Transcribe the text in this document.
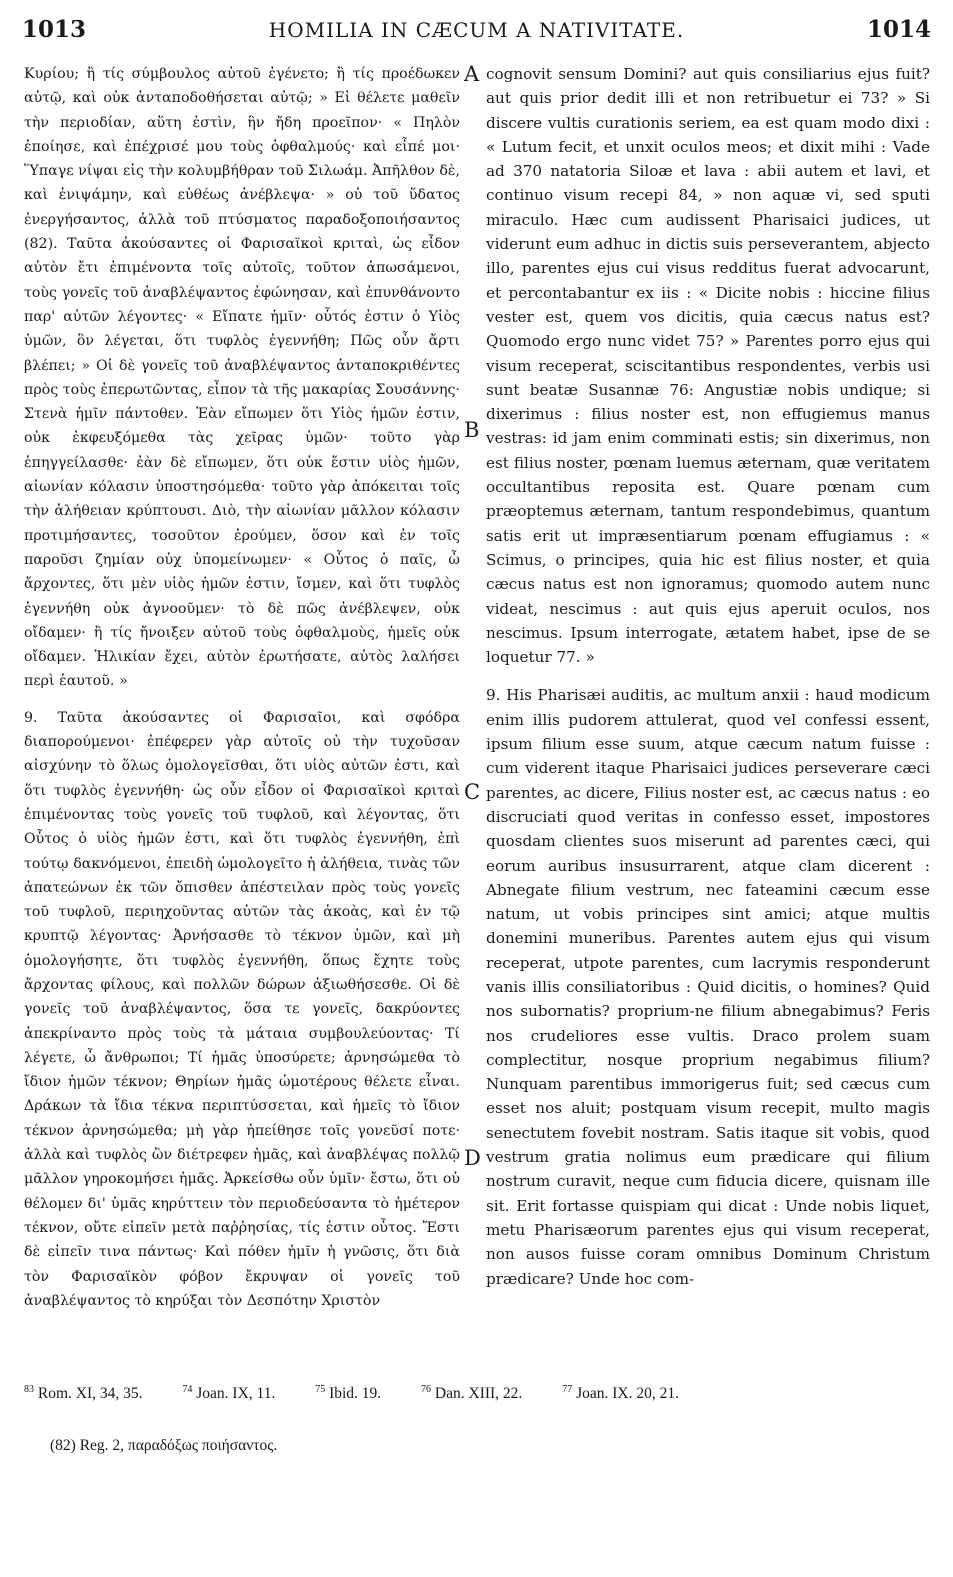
1013	HOMILIA IN CÆCUM A NATIVITATE.	1014

Κυρίου; ἢ τίς σύμβουλος αὐτοῦ ἐγένετο; ἢ τίς προέδωκεν αὐτῷ, καὶ οὐκ ἀνταποδοθήσεται αὐτῷ; » Εἰ θέλετε μαθεῖν τὴν περιοδίαν, αὕτη ἐστὶν, ἣν ἤδη προεῖπον· « Πηλὸν ἐποίησε, καὶ ἐπέχρισέ μου τοὺς ὀφθαλμούς· καὶ εἶπέ μοι· Ὕπαγε νίψαι εἰς τὴν κολυμβήθραν τοῦ Σιλωάμ. Ἀπῆλθον δὲ, καὶ ἐνιψάμην, καὶ εὐθέως ἀνέβλεψα· » οὐ τοῦ ὕδατος ἐνεργήσαντος, ἀλλὰ τοῦ πτύσματος παραδοξοποιήσαντος (82). Ταῦτα ἀκούσαντες οἱ Φαρισαϊκοὶ κριταὶ, ὡς εἶδον αὐτὸν ἔτι ἐπιμένοντα τοῖς αὐτοῖς, τοῦτον ἀπωσάμενοι, τοὺς γονεῖς τοῦ ἀναβλέψαντος ἐφώνησαν, καὶ ἐπυνθάνοντο παρ' αὐτῶν λέγοντες· « Εἴπατε ἡμῖν· οὗτός ἐστιν ὁ Υἱὸς ὑμῶν, ὃν λέγεται, ὅτι τυφλὸς ἐγεννήθη; Πῶς οὖν ἄρτι βλέπει; » Οἱ δὲ γονεῖς τοῦ ἀναβλέψαντος ἀνταποκριθέντες πρὸς τοὺς ἐπερωτῶντας, εἶπον τὰ τῆς μακαρίας Σουσάννης· Στενὰ ἡμῖν πάντοθεν. Ἐὰν εἴπωμεν ὅτι Υἱὸς ἡμῶν ἐστιν, οὐκ ἐκφευξόμεθα τὰς χεῖρας ὑμῶν· τοῦτο γὰρ ἐπηγγείλασθε· ἐὰν δὲ εἴπωμεν, ὅτι οὐκ ἔστιν υἱὸς ἡμῶν, αἰωνίαν κόλασιν ὑποστησόμεθα· τοῦτο γὰρ ἀπόκειται τοῖς τὴν ἀλήθειαν κρύπτουσι. Διὸ, τὴν αἰωνίαν μᾶλλον κόλασιν προτιμήσαντες, τοσοῦτον ἐρούμεν, ὅσον καὶ ἐν τοῖς παροῦσι ζημίαν οὐχ ὑπομείνωμεν· « Οὗτος ὁ παῖς, ὦ ἄρχοντες, ὅτι μὲν υἱὸς ἡμῶν ἐστιν, ἴσμεν, καὶ ὅτι τυφλὸς ἐγεννήθη οὐκ ἀγνοοῦμεν· τὸ δὲ πῶς ἀνέβλεψεν, οὐκ οἴδαμεν· ἢ τίς ἤνοιξεν αὐτοῦ τοὺς ὀφθαλμοὺς, ἡμεῖς οὐκ οἴδαμεν. Ἡλικίαν ἔχει, αὐτὸν ἐρωτήσατε, αὐτὸς λαλήσει περὶ ἑαυτοῦ. »

9. Ταῦτα ἀκούσαντες οἱ Φαρισαῖοι, καὶ σφόδρα διαπορούμενοι· ἐπέφερεν γὰρ αὐτοῖς οὐ τὴν τυχοῦσαν αἰσχύνην τὸ ὅλως ὁμολογεῖσθαι, ὅτι υἱὸς αὐτῶν ἐστι, καὶ ὅτι τυφλὸς ἐγεννήθη· ὡς οὖν εἶδον οἱ Φαρισαϊκοὶ κριταὶ ἐπιμένοντας τοὺς γονεῖς τοῦ τυφλοῦ, καὶ λέγοντας, ὅτι Οὗτος ὁ υἱὸς ἡμῶν ἐστι, καὶ ὅτι τυφλὸς ἐγεννήθη, ἐπὶ τούτῳ δακνόμενοι, ἐπειδὴ ὡμολογεῖτο ἡ ἀλήθεια, τινὰς τῶν ἀπατεώνων ἐκ τῶν ὄπισθεν ἀπέστειλαν πρὸς τοὺς γονεῖς τοῦ τυφλοῦ, περιηχοῦντας αὐτῶν τὰς ἀκοὰς, καὶ ἐν τῷ κρυπτῷ λέγοντας· Ἀρνήσασθε τὸ τέκνον ὑμῶν, καὶ μὴ ὁμολογήσητε, ὅτι τυφλὸς ἐγεννήθη, ὅπως ἔχητε τοὺς ἄρχοντας φίλους, καὶ πολλῶν δώρων ἀξιωθήσεσθε. Οἱ δὲ γονεῖς τοῦ ἀναβλέψαντος, ὅσα τε γονεῖς, δακρύοντες ἀπεκρίναντο πρὸς τοὺς τὰ μάταια συμβουλεύοντας· Τί λέγετε, ὦ ἄνθρωποι; Τί ἡμᾶς ὑποσύρετε; ἀρνησώμεθα τὸ ἴδιον ἡμῶν τέκνον; Θηρίων ἡμᾶς ὠμοτέρους θέλετε εἶναι. Δράκων τὰ ἴδια τέκνα περιπτύσσεται, καὶ ἡμεῖς τὸ ἴδιον τέκνον ἀρνησώμεθα; μὴ γὰρ ἠπείθησε τοῖς γονεῦσί ποτε· ἀλλὰ καὶ τυφλὸς ὢν διέτρεφεν ἡμᾶς, καὶ ἀναβλέψας πολλῷ μᾶλλον γηροκομήσει ἡμᾶς. Ἀρκείσθω οὖν ὑμῖν· ἔστω, ὅτι οὐ θέλομεν δι' ὑμᾶς κηρύττειν τὸν περιοδεύσαντα τὸ ἡμέτερον τέκνον, οὔτε εἰπεῖν μετὰ παῤῥησίας, τίς ἐστιν οὗτος. Ἔστι δὲ εἰπεῖν τινα πάντως· Καὶ πόθεν ἡμῖν ἡ γνῶσις, ὅτι διὰ τὸν Φαρισαϊκὸν φόβον ἔκρυψαν οἱ γονεῖς τοῦ ἀναβλέψαντος τὸ κηρύξαι τὸν Δεσπότην Χριστὸν

A
B
C
D

cognovit sensum Domini? aut quis consiliarius ejus fuit? aut quis prior dedit illi et non retribuetur ei 73? » Si discere vultis curationis seriem, ea est quam modo dixi : « Lutum fecit, et unxit oculos meos; et dixit mihi : Vade ad 370 natatoria Siloæ et lava : abii autem et lavi, et continuo visum recepi 84, » non aquæ vi, sed sputi miraculo. Hæc cum audissent Pharisaici judices, ut viderunt eum adhuc in dictis suis perseverantem, abjecto illo, parentes ejus cui visus redditus fuerat advocarunt, et percontabantur ex iis : « Dicite nobis : hiccine filius vester est, quem vos dicitis, quia cæcus natus est? Quomodo ergo nunc videt 75? » Parentes porro ejus qui visum receperat, sciscitantibus respondentes, verbis usi sunt beatæ Susannæ 76: Angustiæ nobis undique; si dixerimus : filius noster est, non effugiemus manus vestras: id jam enim comminati estis; sin dixerimus, non est filius noster, pœnam luemus æternam, quæ veritatem occultantibus reposita est. Quare pœnam cum præoptemus æternam, tantum respondebimus, quantum satis erit ut impræsentiarum pœnam effugiamus : « Scimus, o principes, quia hic est filius noster, et quia cæcus natus est non ignoramus; quomodo autem nunc videat, nescimus : aut quis ejus aperuit oculos, nos nescimus. Ipsum interrogate, ætatem habet, ipse de se loquetur 77. »

9. His Pharisæi auditis, ac multum anxii : haud modicum enim illis pudorem attulerat, quod vel confessi essent, ipsum filium esse suum, atque cæcum natum fuisse : cum viderent itaque Pharisaici judices perseverare cæci parentes, ac dicere, Filius noster est, ac cæcus natus : eo discruciati quod veritas in confesso esset, impostores quosdam clientes suos miserunt ad parentes cæci, qui eorum auribus insusurrarent, atque clam dicerent : Abnegate filium vestrum, nec fateamini cæcum esse natum, ut vobis principes sint amici; atque multis donemini muneribus. Parentes autem ejus qui visum receperat, utpote parentes, cum lacrymis responderunt vanis illis consiliatoribus : Quid dicitis, o homines? Quid nos subornatis? proprium-ne filium abnegabimus? Feris nos crudeliores esse vultis. Draco prolem suam complectitur, nosque proprium negabimus filium? Nunquam parentibus immorigerus fuit; sed cæcus cum esset nos aluit; postquam visum recepit, multo magis senectutem fovebit nostram. Satis itaque sit vobis, quod vestrum gratia nolimus eum prædicare qui filium nostrum curavit, neque cum fiducia dicere, quisnam ille sit. Erit fortasse quispiam qui dicat : Unde nobis liquet, metu Pharisæorum parentes ejus qui visum receperat, non ausos fuisse coram omnibus Dominum Christum prædicare? Unde hoc com-

$^{83}$ Rom. XI, 34, 35.	$^{74}$ Joan. IX, 11.	$^{75}$ Ibid. 19.	$^{76}$ Dan. XIII, 22.	$^{77}$ Joan. IX. 20, 21.
(82) Reg. 2, παραδόξως ποιήσαντος.
